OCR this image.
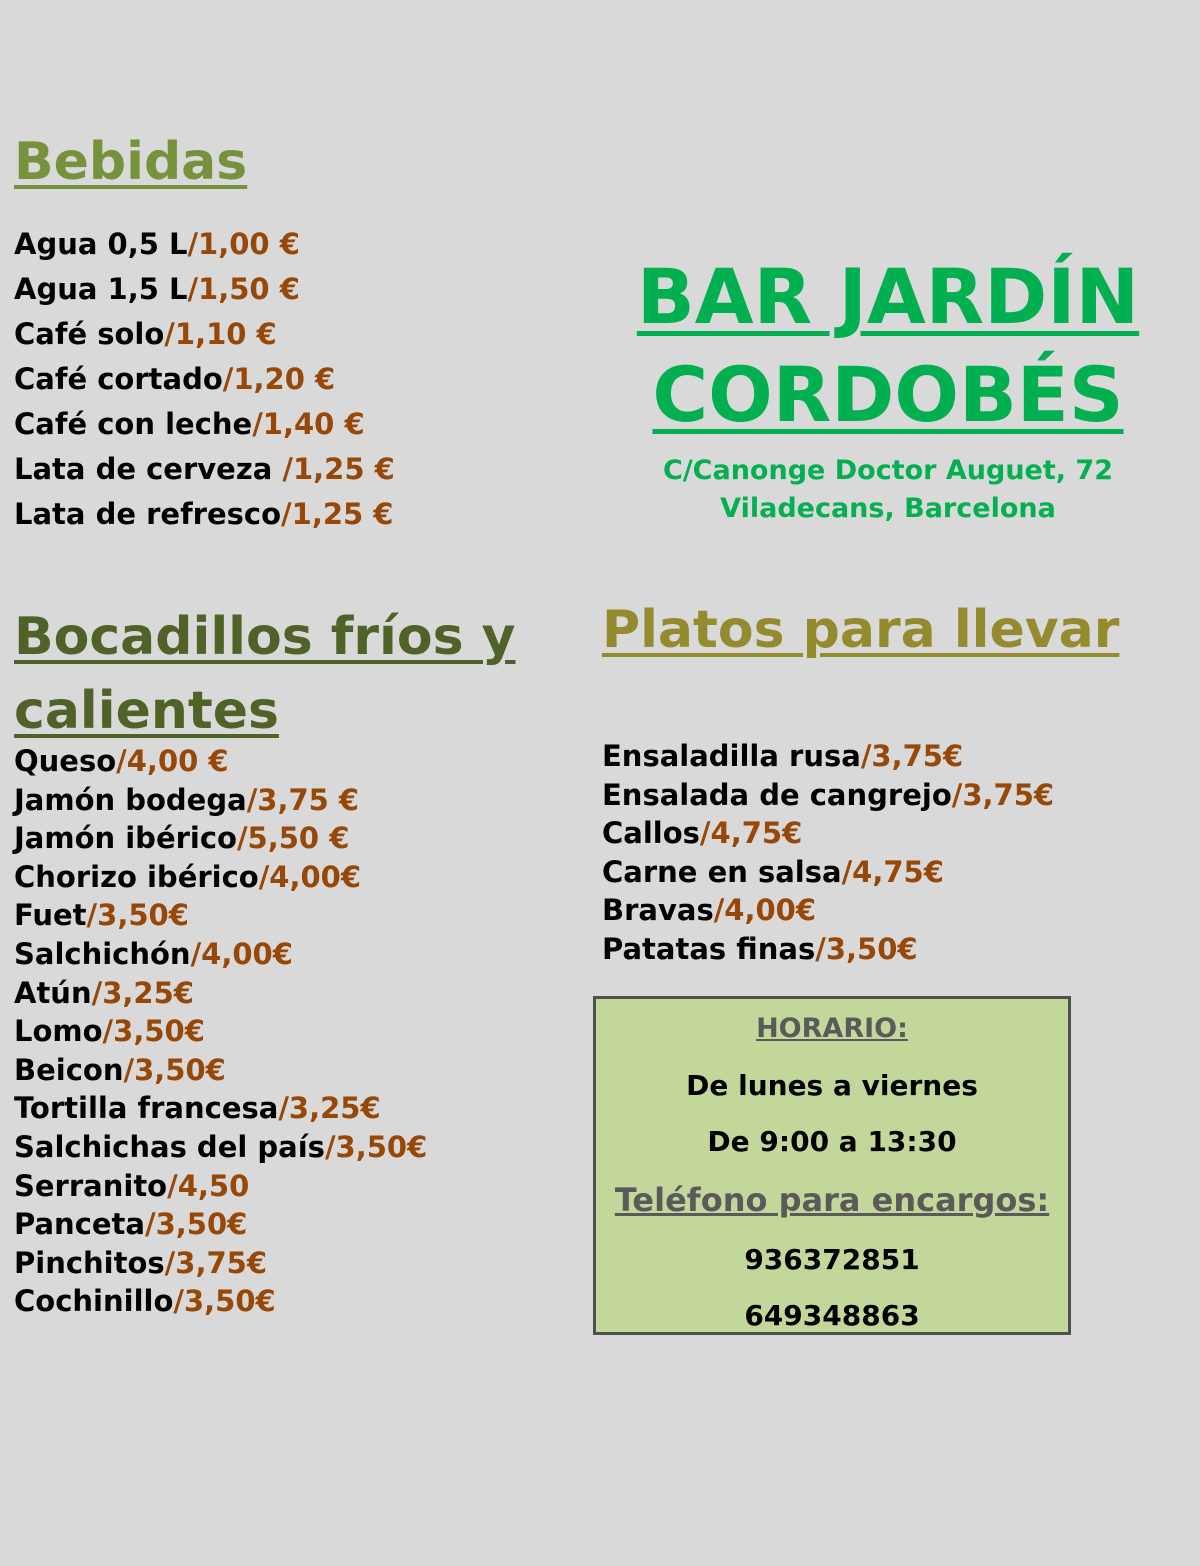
Bebidas
Agua 0,5 L/1,00 €
Agua 1,5 L/1,50 €
Café solo/1,10 €
Café cortado/1,20 €
Café con leche/1,40 €
Lata de cerveza /1,25 €
Lata de refresco/1,25 €
BAR JARDÍN
CORDOBÉS

C/Canonge Doctor Auguet, 72
Viladecans, Barcelona

Bocadillos fríos y calientes
Queso/4,00 €
Jamón bodega/3,75 €
Jamón ibérico/5,50 €
Chorizo ibérico/4,00€
Fuet/3,50€
Salchichón/4,00€
Atún/3,25€
Lomo/3,50€
Beicon/3,50€
Tortilla francesa/3,25€
Salchichas del país/3,50€
Serranito/4,50
Panceta/3,50€
Pinchitos/3,75€
Cochinillo/3,50€
Platos para llevar
Ensaladilla rusa/3,75€
Ensalada de cangrejo/3,75€
Callos/4,75€
Carne en salsa/4,75€
Bravas/4,00€
Patatas finas/3,50€
HORARIO:
De lunes a viernes
De 9:00 a 13:30
Teléfono para encargos:
936372851
649348863
